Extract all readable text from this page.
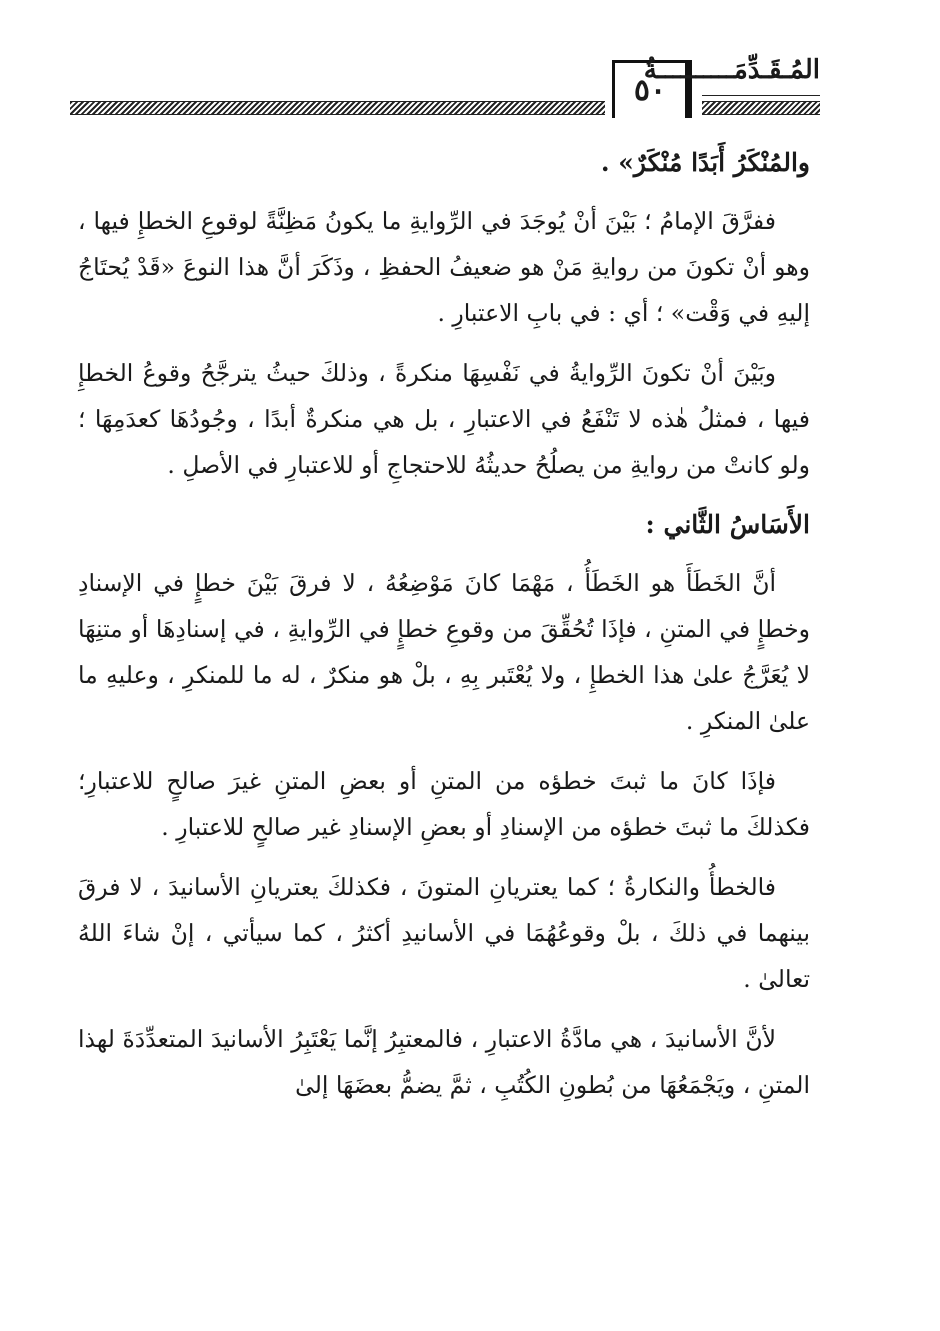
٥٠
المُـقَـدِّمَــــــــــةُ

والمُنْكَرُ أَبَدًا مُنْكَرٌ» .

ففرَّقَ الإمامُ ؛ بَيْنَ أنْ يُوجَدَ في الرِّوايةِ ما يكونُ مَظِنَّةً لوقوعِ الخطإِ فيها ، وهو أنْ تكونَ من روايةِ مَنْ هو ضعيفُ الحفظِ ، وذَكَرَ أنَّ هذا النوعَ «قَدْ يُحتَاجُ إليهِ في وَقْت» ؛ أي : في بابِ الاعتبارِ .

وبَيْنَ أنْ تكونَ الرِّوايةُ في نَفْسِهَا منكرةً ، وذلكَ حيثُ يترجَّحُ وقوعُ الخطإِ فيها ، فمثلُ هٰذه لا تَنْفَعُ في الاعتبارِ ، بل هي منكرةٌ أبدًا ، وجُودُهَا كعدَمِهَا ؛ ولو كانتْ من روايةِ من يصلُحُ حديثُهُ للاحتجاجِ أو للاعتبارِ في الأصلِ .

الأَسَاسُ الثَّاني :

أنَّ الخَطَأَ هو الخَطَأُ ، مَهْمَا كانَ مَوْضِعُهُ ، لا فرقَ بَيْنَ خطإٍ في الإسنادِ وخطإٍ في المتنِ ، فإذَا تُحُقِّقَ من وقوعِ خطإٍ في الرِّوايةِ ، في إسنادِهَا أو متنِهَا لا يُعَرَّجُ علىٰ هذا الخطإِ ، ولا يُعْتَبر بِهِ ، بلْ هو منكرٌ ، له ما للمنكرِ ، وعليهِ ما علىٰ المنكرِ .

فإذَا كانَ ما ثبتَ خطؤه من المتنِ أو بعضِ المتنِ غيرَ صالحٍ للاعتبارِ؛ فكذلكَ ما ثبتَ خطؤه من الإسنادِ أو بعضِ الإسنادِ غير صالحٍ للاعتبارِ .

فالخطأُ والنكارةُ ؛ كما يعتريانِ المتونَ ، فكذلكَ يعتريانِ الأسانيدَ ، لا فرقَ بينهما في ذلكَ ، بلْ وقوعُهُمَا في الأسانيدِ أكثرُ ، كما سيأتي ، إنْ شاءَ اللهُ تعالىٰ .

لأنَّ الأسانيدَ ، هي مادَّةُ الاعتبارِ ، فالمعتبِرُ إنَّما يَعْتَبِرُ الأسانيدَ المتعدِّدَةَ لهذا المتنِ ، ويَجْمَعُهَا من بُطونِ الكُتُبِ ، ثمَّ يضمُّ بعضَهَا إلىٰ
